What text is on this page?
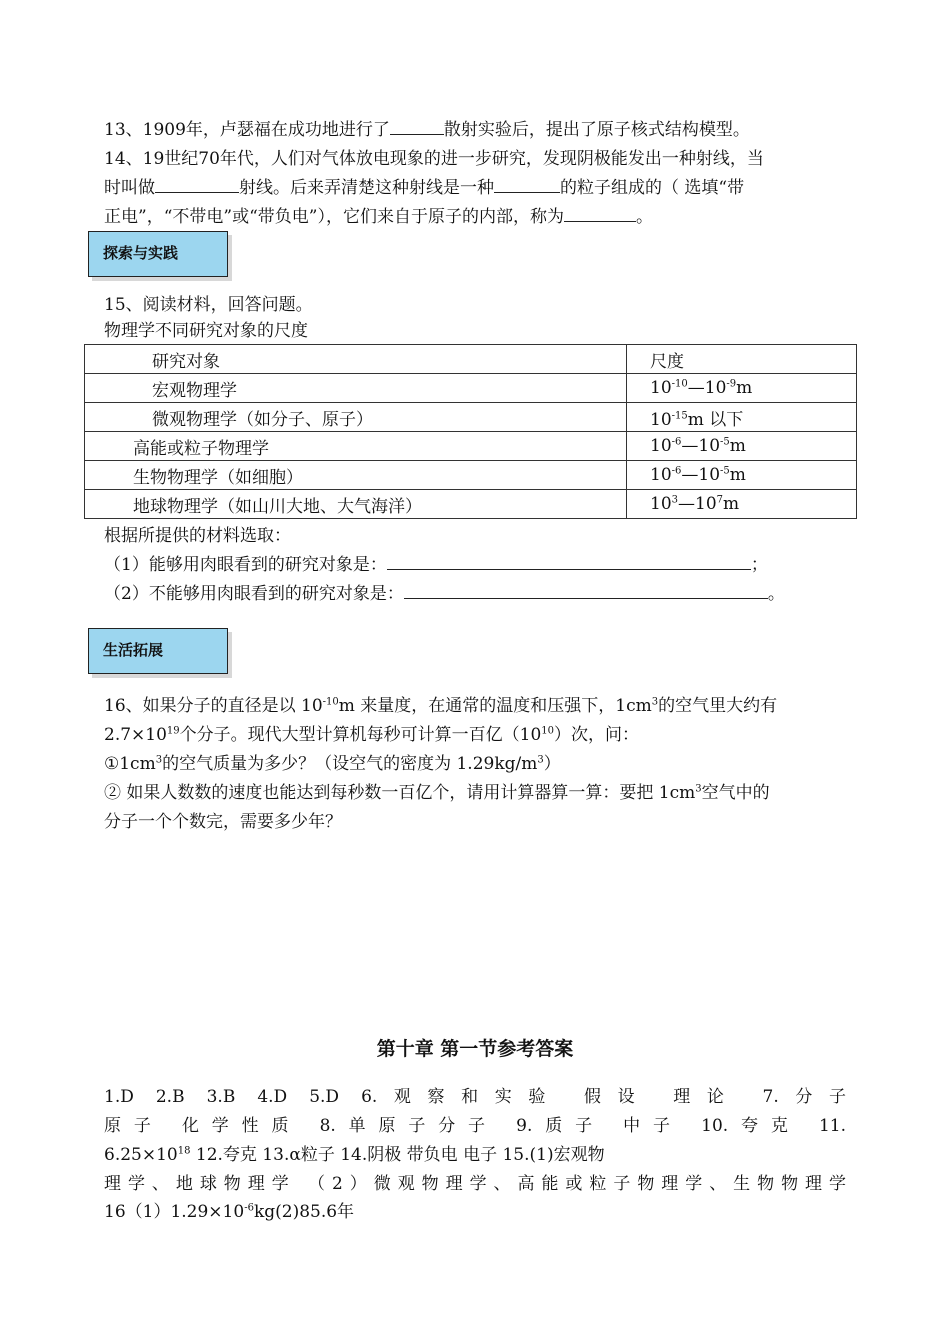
13、1909年，卢瑟福在成功地进行了	散射实验后，提出了原子核式结构模型。
14、19世纪70年代，人们对气体放电现象的进一步研究，发现阴极能发出一种射线，当
时叫做	射线。后来弄清楚这种射线是一种	的粒子组成的（ 选填“带
正电”，“不带电”或“带负电”），它们来自于原子的内部，称为	。
探索与实践
15、阅读材料，回答问题。
物理学不同研究对象的尺度
研究对象	尺度
宏观物理学	$10^{-10}—10^{-9}m$
微观物理学（如分子、原子）	$10^{-15}m$ 以下
高能或粒子物理学	$10^{-6}—10^{-5}m$
生物物理学（如细胞）	$10^{-6}—10^{-5}m$
地球物理学（如山川大地、大气海洋）	$10^3—10^7m$
根据所提供的材料选取：
（1）能够用肉眼看到的研究对象是：	；
（2）不能够用肉眼看到的研究对象是：	。
生活拓展
16、如果分子的直径是以 $10^{-10}m$ 来量度，在通常的温度和压强下，$1cm^3$的空气里大约有
$2.7\times 10^{19}$个分子。现代大型计算机每秒可计算一百亿$(10^{10})$次，问：
$①1cm^3$的空气质量为多少？（设空气的密度为 $1.29kg/m^3$）
② 如果人数数的速度也能达到每秒数一百亿个，请用计算器算一算：要把 $1cm^3$空气中的
分子一个个数完，需要多少年？
第十章 第一节参考答案
1.D 2.B 3.B 4.D 5.D 6.观察和实验 假设 理论 7.分子
原子 化学性质 8.单原子分子 9.质子 中子 10.夸克 11.
$6.25\times 10^{18}$ 12.夸克 13.α粒子 14.阴极 带负电 电子 15.(1)宏观物
理学、地球物理学 （2）微观物理学、高能或粒子物理学、生物物理学
$16(1)1.29\times 10^{-6}kg(2)85.6$年
